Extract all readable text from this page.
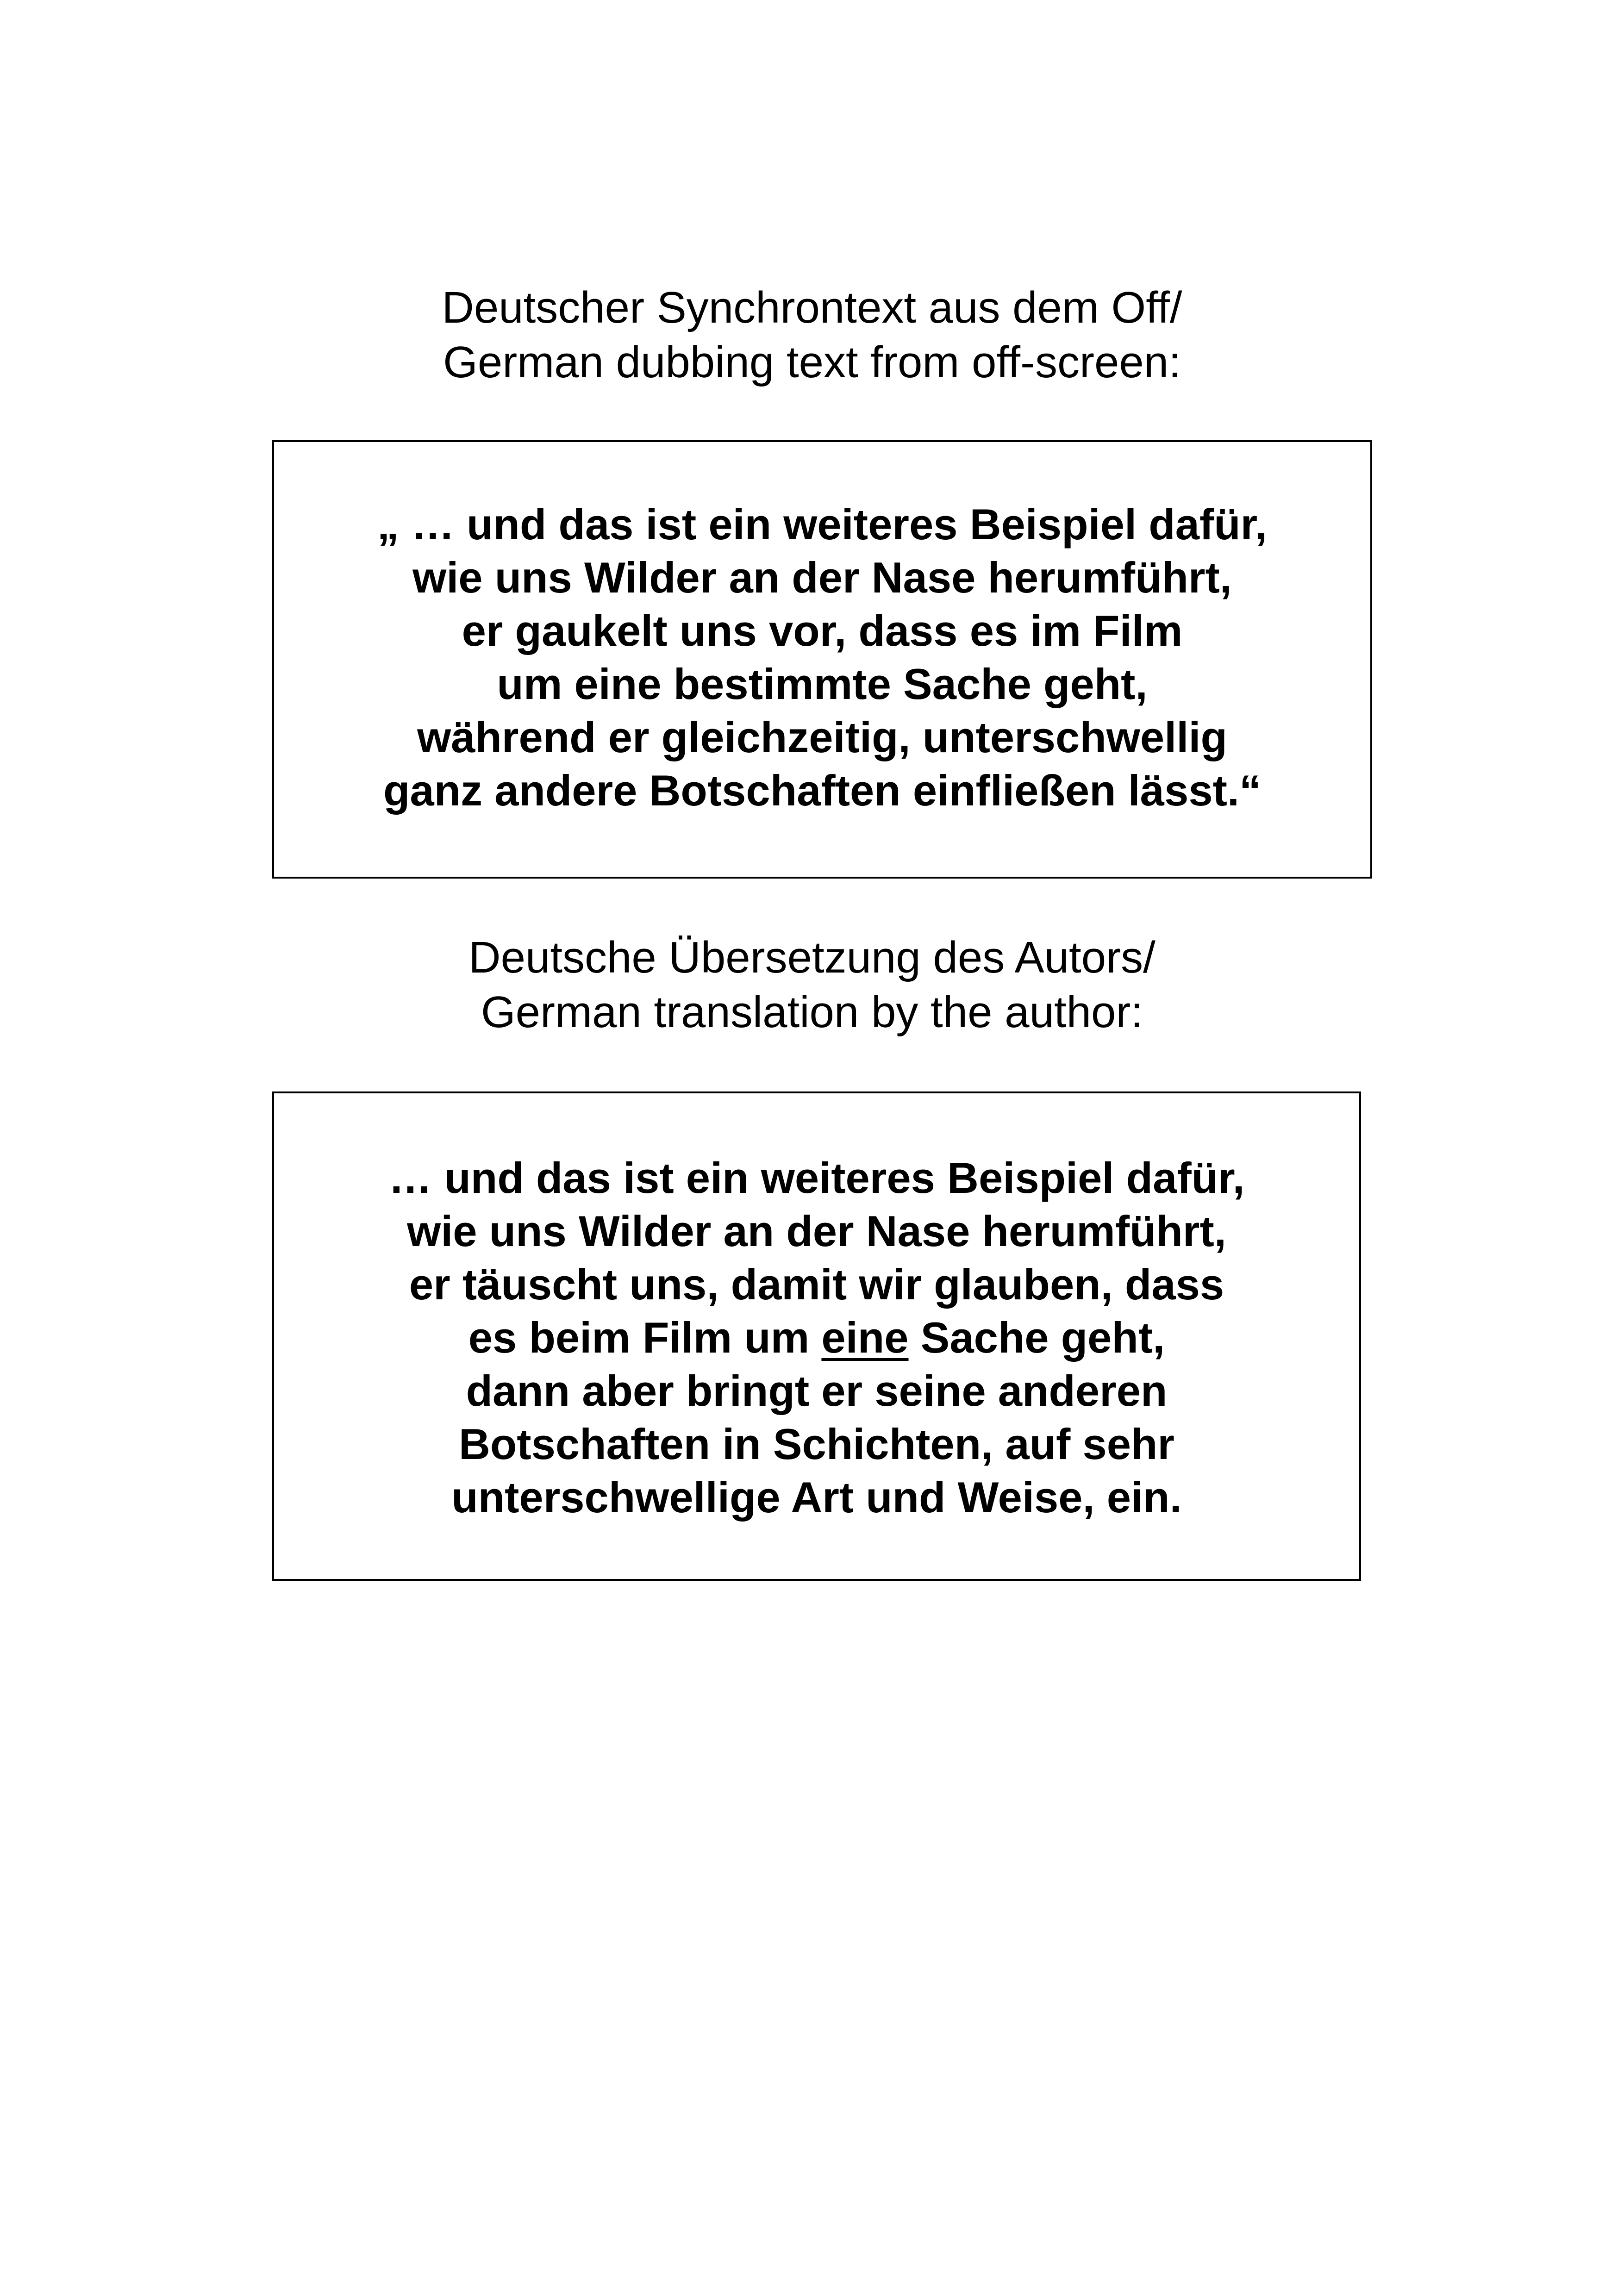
Deutscher Synchrontext aus dem Off/
German dubbing text from off-screen:
„ … und das ist ein weiteres Beispiel dafür,
wie uns Wilder an der Nase herumführt,
er gaukelt uns vor, dass es im Film
um eine bestimmte Sache geht,
während er gleichzeitig, unterschwellig
ganz andere Botschaften einfließen lässt.“
Deutsche Übersetzung des Autors/
German translation by the author:
… und das ist ein weiteres Beispiel dafür,
wie uns Wilder an der Nase herumführt,
er täuscht uns, damit wir glauben, dass
es beim Film um eine Sache geht,
dann aber bringt er seine anderen
Botschaften in Schichten, auf sehr
unterschwellige Art und Weise, ein.
